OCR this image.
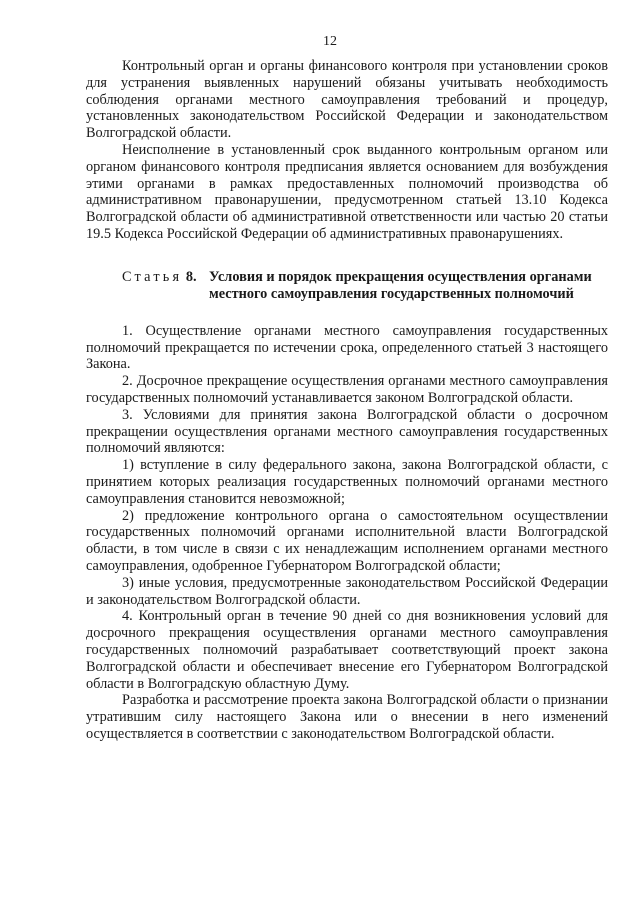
12

Контрольный орган и органы финансового контроля при установлении сроков для устранения выявленных нарушений обязаны учитывать необходимость соблюдения органами местного самоуправления требований и процедур, установленных законодательством Российской Федерации и законодательством Волгоградской области.

Неисполнение в установленный срок выданного контрольным органом или органом финансового контроля предписания является основанием для возбуждения этими органами в рамках предоставленных полномочий производства об административном правонарушении, предусмотренном статьей 13.10 Кодекса Волгоградской области об административной ответственности или частью 20 статьи 19.5 Кодекса Российской Федерации об административных правонарушениях.

Статья 8. Условия и порядок прекращения осуществления органами местного самоуправления государственных полномочий

1. Осуществление органами местного самоуправления государственных полномочий прекращается по истечении срока, определенного статьей 3 настоящего Закона.

2. Досрочное прекращение осуществления органами местного самоуправления государственных полномочий устанавливается законом Волгоградской области.

3. Условиями для принятия закона Волгоградской области о досрочном прекращении осуществления органами местного самоуправления государственных полномочий являются:

1) вступление в силу федерального закона, закона Волгоградской области, с принятием которых реализация государственных полномочий органами местного самоуправления становится невозможной;

2) предложение контрольного органа о самостоятельном осуществлении государственных полномочий органами исполнительной власти Волгоградской области, в том числе в связи с их ненадлежащим исполнением органами местного самоуправления, одобренное Губернатором Волгоградской области;

3) иные условия, предусмотренные законодательством Российской Федерации и законодательством Волгоградской области.

4. Контрольный орган в течение 90 дней со дня возникновения условий для досрочного прекращения осуществления органами местного самоуправления государственных полномочий разрабатывает соответствующий проект закона Волгоградской области и обеспечивает внесение его Губернатором Волгоградской области в Волгоградскую областную Думу.

Разработка и рассмотрение проекта закона Волгоградской области о признании утратившим силу настоящего Закона или о внесении в него изменений осуществляется в соответствии с законодательством Волгоградской области.
